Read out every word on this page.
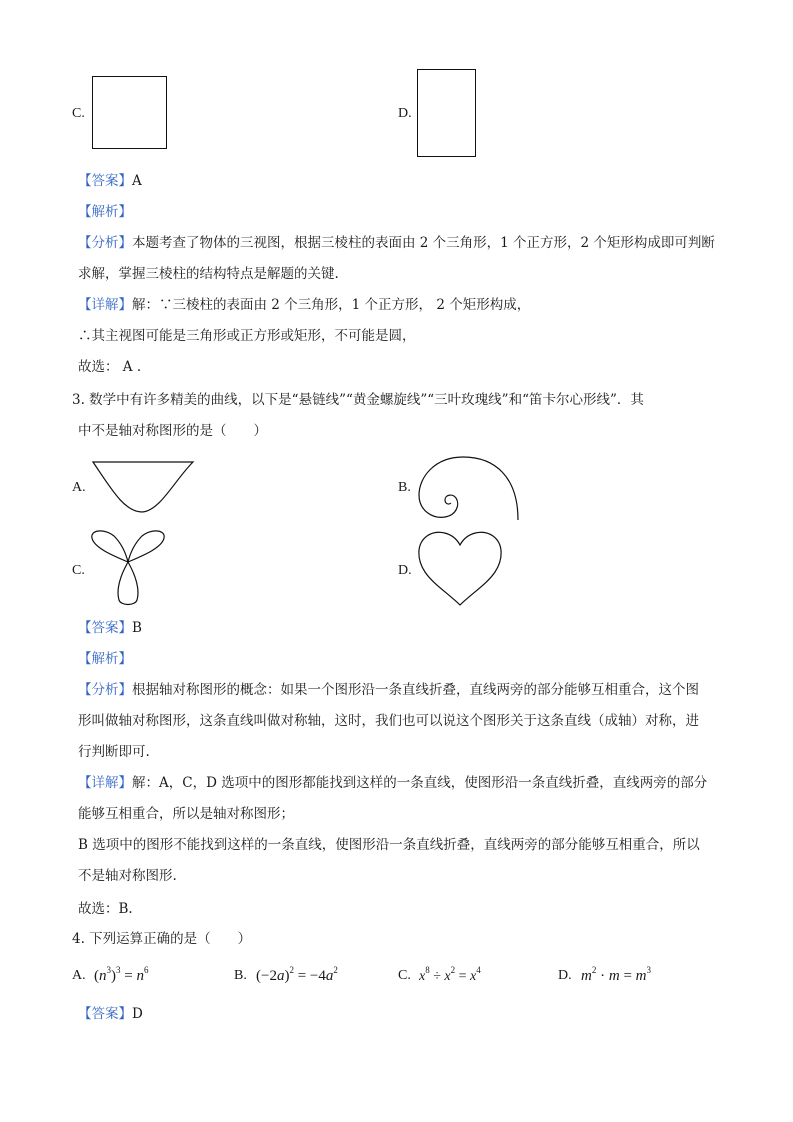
C.	D.
【答案】A
【解析】
【分析】本题考查了物体的三视图，根据三棱柱的表面由 2 个三角形，1 个正方形，2 个矩形构成即可判断
求解，掌握三棱柱的结构特点是解题的关键.
【详解】解：∵三棱柱的表面由 2 个三角形，1 个正方形， 2 个矩形构成，
∴其主视图可能是三角形或正方形或矩形，不可能是圆，
故选： A .
3. 数学中有许多精美的曲线，以下是“悬链线”“黄金螺旋线”“三叶玫瑰线”和“笛卡尔心形线”．其
中不是轴对称图形的是（　　）
A.	B.
C.	D.
【答案】B
【解析】
【分析】根据轴对称图形的概念：如果一个图形沿一条直线折叠，直线两旁的部分能够互相重合，这个图
形叫做轴对称图形，这条直线叫做对称轴，这时，我们也可以说这个图形关于这条直线（成轴）对称，进
行判断即可.
【详解】解：A，C，D 选项中的图形都能找到这样的一条直线，使图形沿一条直线折叠，直线两旁的部分
能够互相重合，所以是轴对称图形；
B 选项中的图形不能找到这样的一条直线，使图形沿一条直线折叠，直线两旁的部分能够互相重合，所以
不是轴对称图形.
故选：B.
4. 下列运算正确的是（　　）
A. $(n^3)^3 = n^6$	B. $(-2a)^2 = -4a^2$	C. $x^8 \div x^2 = x^4$	D. $m^2 \cdot m = m^3$
【答案】D
